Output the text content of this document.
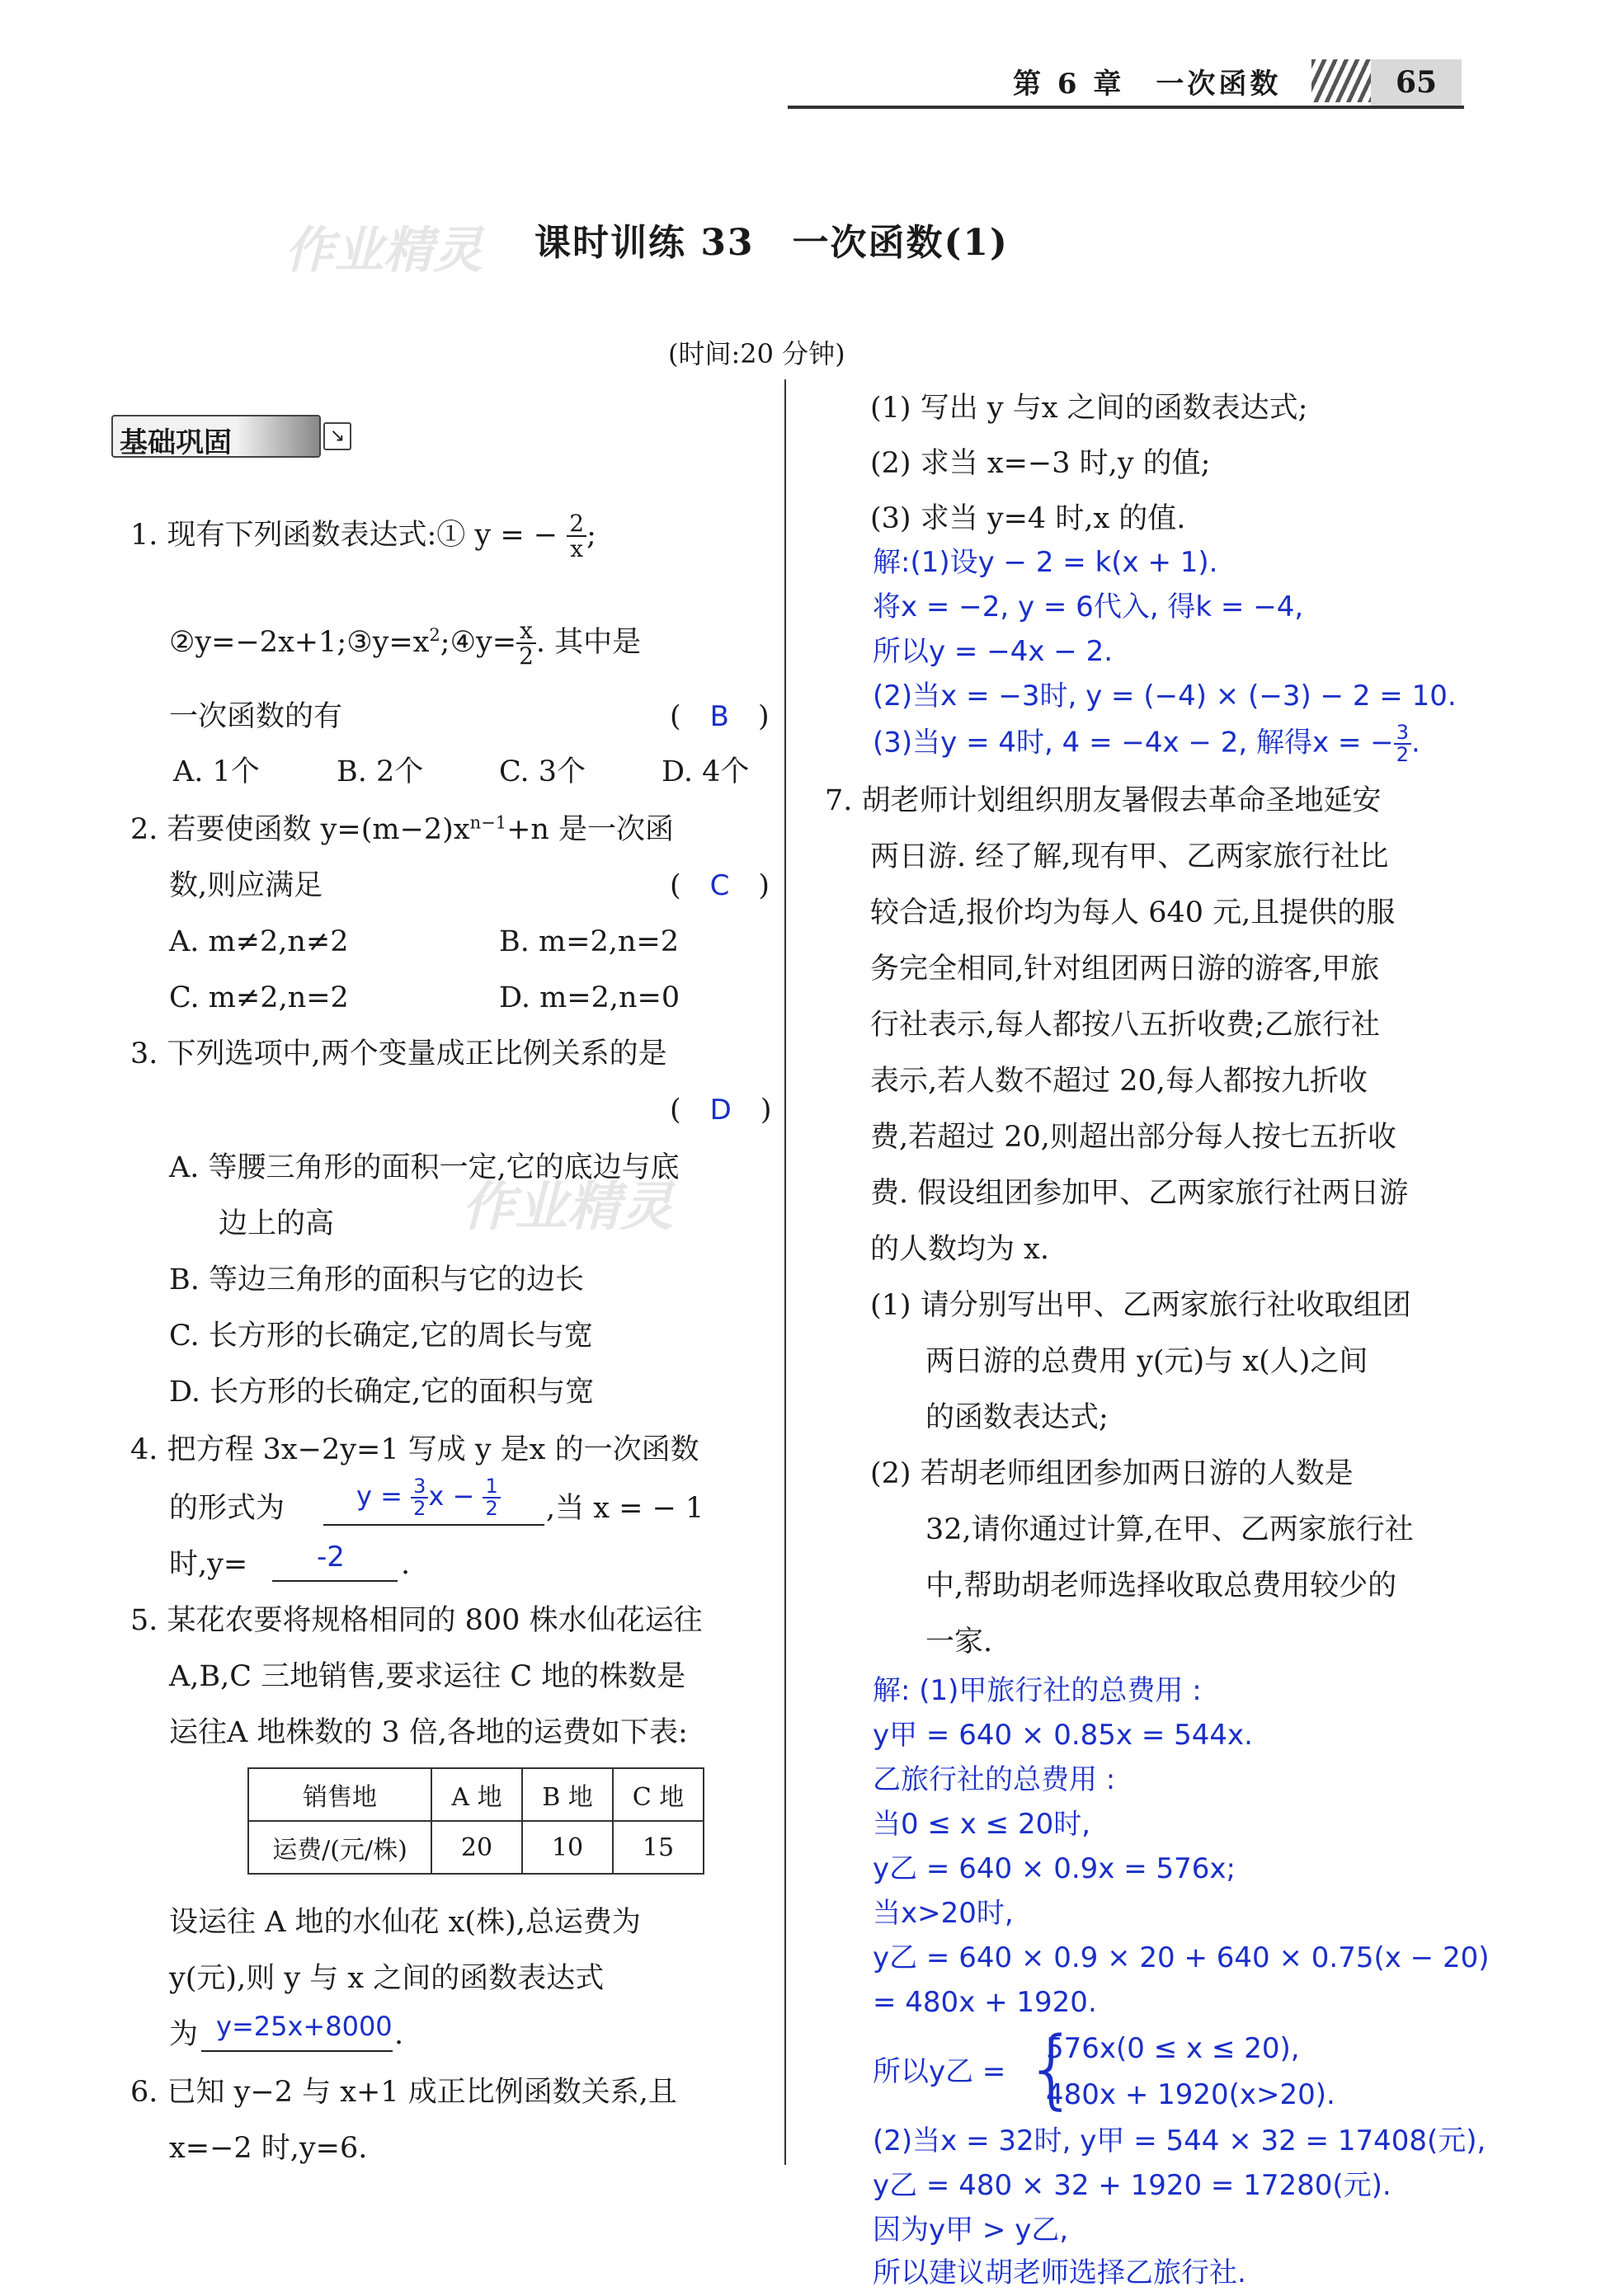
第 6 章　一次函数	65
作业精灵
作业精灵
课时训练 33　一次函数(1)
(时间:20 分钟)
基础巩固	↘
1. 现有下列函数表达式:① y = − $\frac{2}{x}$ ;
$②y=-2x+1;③y=x^2;④y= \frac{x}{2}$ . 其中是
一次函数的有	(　B　)
A. 1个	B. 2个	C. 3个	D. 4个
2. 若要使函数 $y=(m-2)x^{n-1}+n$ 是一次函
数,则应满足	(　C　)
A. m≠2,n≠2	B. m=2,n=2
C. m≠2,n=2	D. m=2,n=0
3. 下列选项中,两个变量成正比例关系的是
(　D　)
A. 等腰三角形的面积一定,它的底边与底
边上的高
B. 等边三角形的面积与它的边长
C. 长方形的长确定,它的周长与宽
D. 长方形的长确定,它的面积与宽
4. 把方程 3x−2y=1 写成 y 是x 的一次函数
的形式为	$y = \frac{3}{2}$ $x - \frac{1}{2}$ ,当 x = − 1
时,y= -2 .
5. 某花农要将规格相同的 800 株水仙花运往
A,B,C 三地销售,要求运往 C 地的株数是
运往A 地株数的 3 倍,各地的运费如下表:
销售地	A 地	B 地	C 地
运费/(元/株)	20	10	15
设运往 A 地的水仙花 x(株),总运费为
y(元),则 y 与 x 之间的函数表达式
为 y=25x+8000 .
6. 已知 y−2 与 x+1 成正比例函数关系,且
x=−2 时,y=6.
(1) 写出 y 与x 之间的函数表达式;
(2) 求当 x=−3 时,y 的值;
(3) 求当 y=4 时,x 的值.
解:(1)设y − 2 = k(x + 1).
将x = −2, y = 6代入, 得k = −4,
所以y = −4x − 2.
(2)当x = −3时, y = (−4) × (−3) − 2 = 10.
(3)当y = 4时, 4 = −4x − 2, 解得x = − $\frac{3}{2}$ .
7. 胡老师计划组织朋友暑假去革命圣地延安
两日游. 经了解,现有甲、乙两家旅行社比
较合适,报价均为每人 640 元,且提供的服
务完全相同,针对组团两日游的游客,甲旅
行社表示,每人都按八五折收费;乙旅行社
表示,若人数不超过 20,每人都按九折收
费,若超过 20,则超出部分每人按七五折收
费. 假设组团参加甲、乙两家旅行社两日游
的人数均为 x.
(1) 请分别写出甲、乙两家旅行社收取组团
两日游的总费用 y(元)与 x(人)之间
的函数表达式;
(2) 若胡老师组团参加两日游的人数是
32,请你通过计算,在甲、乙两家旅行社
中,帮助胡老师选择收取总费用较少的
一家.
解: (1)甲旅行社的总费用 :
y甲 = 640 × 0.85x = 544x.
乙旅行社的总费用 :
当0 ≤ x ≤ 20时,
y乙 = 640 × 0.9x = 576x;
当x>20时,
y乙 = 640 × 0.9 × 20 + 640 × 0.75(x − 20)
= 480x + 1920.
所以y乙 = {
576x(0 ≤ x ≤ 20),
480x + 1920(x>20).
(2)当x = 32时, y甲 = 544 × 32 = 17408(元),
y乙 = 480 × 32 + 1920 = 17280(元).
因为y甲 > y乙,
所以建议胡老师选择乙旅行社.
